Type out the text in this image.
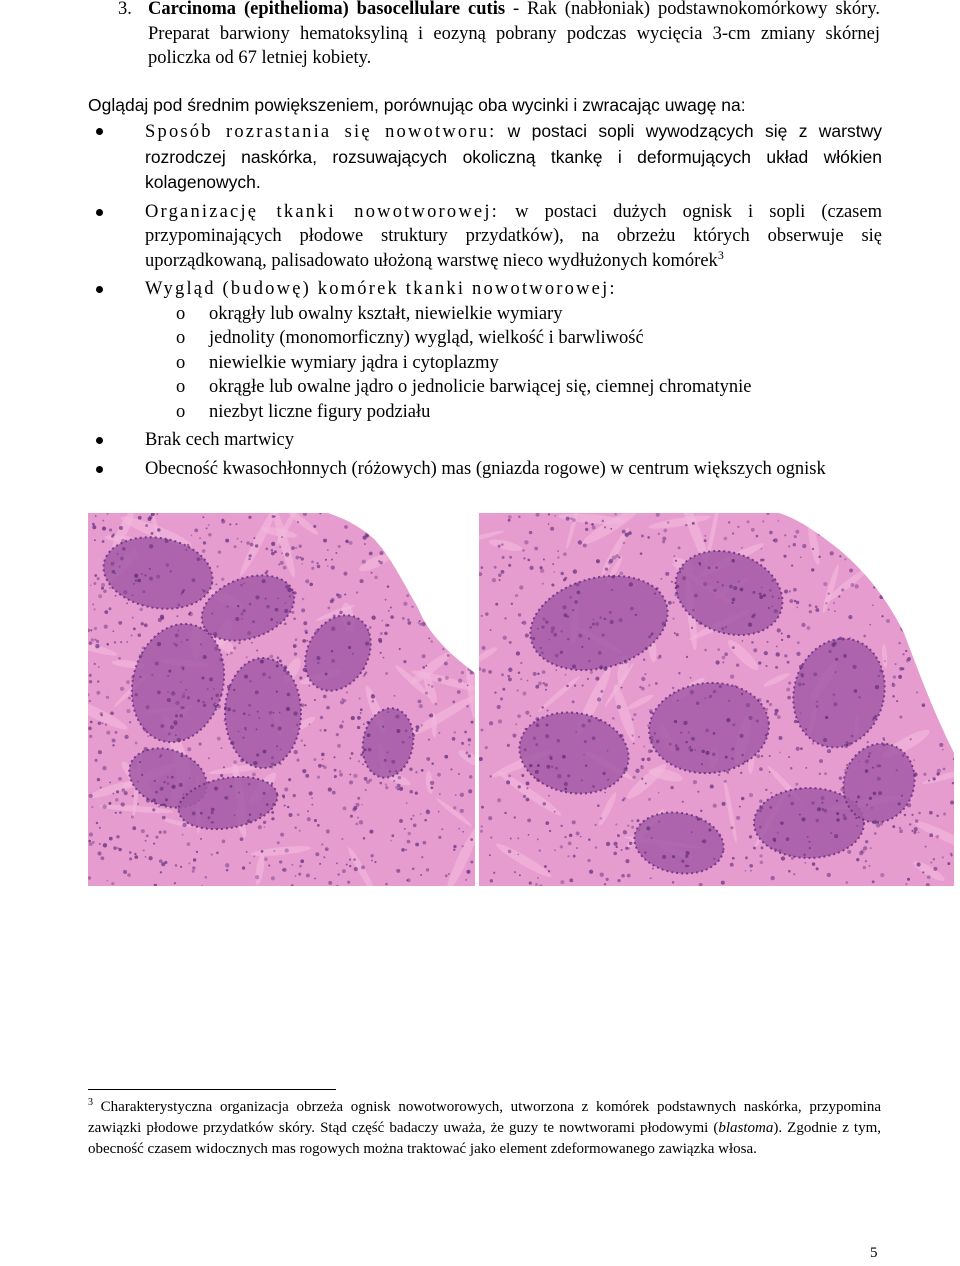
3. Carcinoma (epithelioma) basocellulare cutis - Rak (nabłoniak) podstawnokomórkowy skóry. Preparat barwiony hematoksyliną i eozyną pobrany podczas wycięcia 3-cm zmiany skórnej policzka od 67 letniej kobiety.
Oglądaj pod średnim powiększeniem, porównując oba wycinki i zwracając uwagę na:
Sposób rozrastania się nowotworu: w postaci sopli wywodzących się z warstwy rozrodczej naskórka, rozsuwających okoliczną tkankę i deformujących układ włókien kolagenowych.
Organizację tkanki nowotworowej: w postaci dużych ognisk i sopli (czasem przypominających płodowe struktury przydatków), na obrzeżu których obserwuje się uporządkowaną, palisadowato ułożoną warstwę nieco wydłużonych komórek$^3$
Wygląd (budowę) komórek tkanki nowotworowej:
o okrągły lub owalny kształt, niewielkie wymiary
o jednolity (monomorficzny) wygląd, wielkość i barwliwość
o niewielkie wymiary jądra i cytoplazmy
o okrągłe lub owalne jądro o jednolicie barwiącej się, ciemnej chromatynie
o niezbyt liczne figury podziału
Brak cech martwicy
Obecność kwasochłonnych (różowych) mas (gniazda rogowe) w centrum większych ognisk
$^3$ Charakterystyczna organizacja obrzeża ognisk nowotworowych, utworzona z komórek podstawnych naskórka, przypomina zawiązki płodowe przydatków skóry. Stąd część badaczy uważa, że guzy te nowtworami płodowymi (blastoma). Zgodnie z tym, obecność czasem widocznych mas rogowych można traktować jako element zdeformowanego zawiązka włosa.
5
